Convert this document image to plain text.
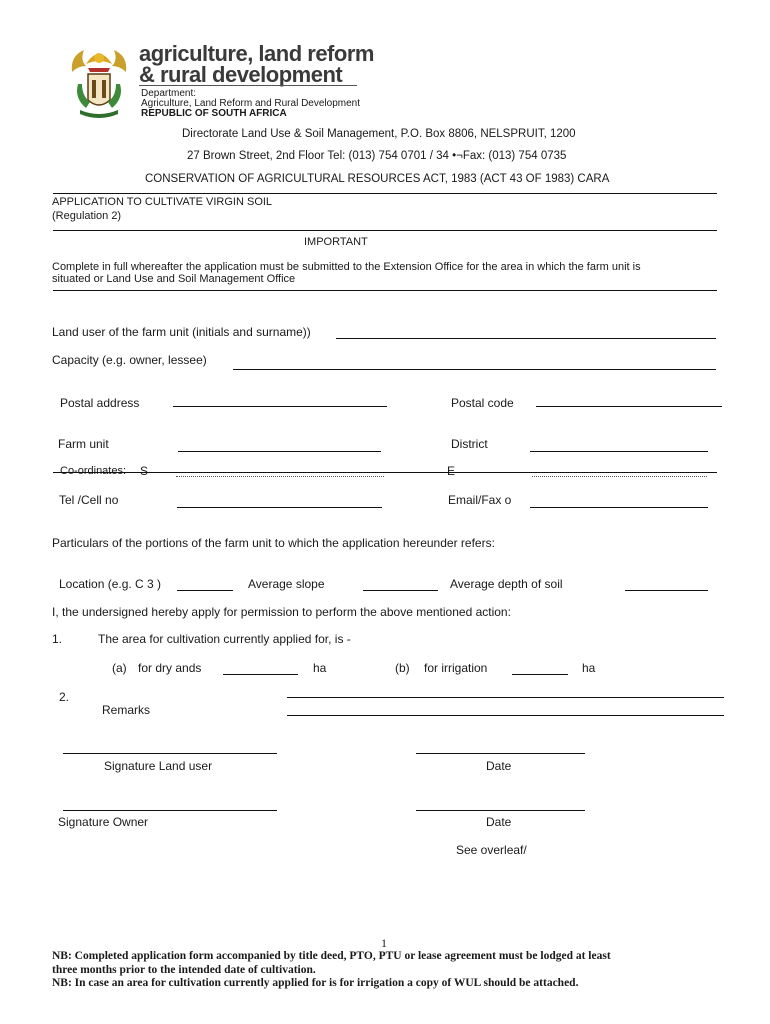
agriculture, land reform
& rural development
Department:
Agriculture, Land Reform and Rural Development
REPUBLIC OF SOUTH AFRICA
Directorate Land Use & Soil Management, P.O. Box 8806, NELSPRUIT, 1200
27 Brown Street, 2nd Floor Tel: (013) 754 0701 / 34 •¬Fax: (013) 754 0735
CONSERVATION OF AGRICULTURAL RESOURCES ACT, 1983 (ACT 43 OF 1983) CARA
APPLICATION TO CULTIVATE VIRGIN SOIL
(Regulation 2)
IMPORTANT
Complete in full whereafter the application must be submitted to the Extension Office for the area in which the farm unit is
situated or Land Use and Soil Management Office
Land user of the farm unit (initials and surname))
Capacity (e.g. owner, lessee)
Postal address	Postal code
Farm unit	District
Co-ordinates: S	E
Tel /Cell no	Email/Fax o
Particulars of the portions of the farm unit to which the application hereunder refers:
Location (e.g. C 3 )	Average slope	Average depth of soil
I, the undersigned hereby apply for permission to perform the above mentioned action:
1.	The area for cultivation currently applied for, is -
(a) for dry ands	ha	(b) for irrigation	ha
2.
Remarks
Signature Land user	Date
Signature Owner	Date
See overleaf/
1
NB: Completed application form accompanied by title deed, PTO, PTU or lease agreement must be lodged at least
three months prior to the intended date of cultivation.
NB: In case an area for cultivation currently applied for is for irrigation a copy of WUL should be attached.
